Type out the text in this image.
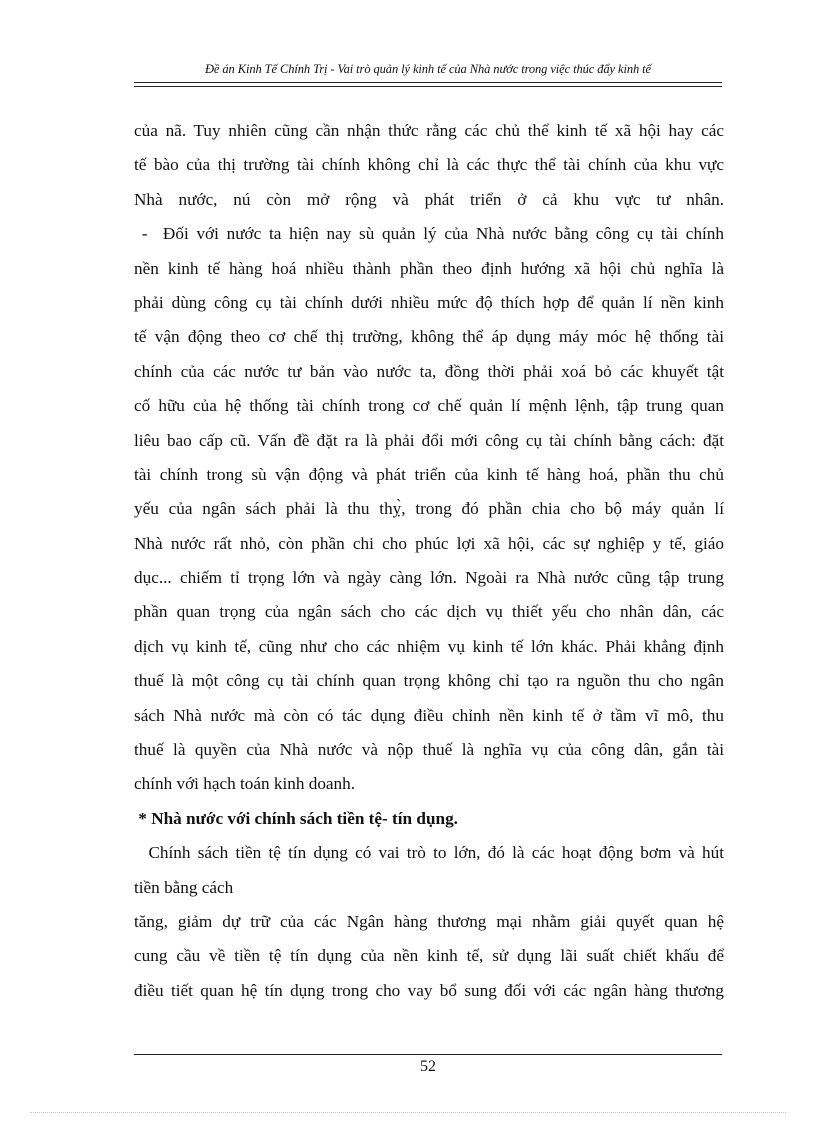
Đề án Kinh Tế Chính Trị - Vai trò quản lý kinh tế của Nhà nước trong việc thúc đẩy kinh tế
của nã. Tuy nhiên cũng cần nhận thức rằng các chủ thể kinh tế xã hội hay các
tế bào của thị trường tài chính không chỉ là các thực thể tài chính của khu vực
Nhà nước, nú còn mở rộng và phát triển ở cả khu vực tư nhân.
-  Đối với nước ta hiện nay sù quản lý của Nhà nước bằng công cụ tài chính
nền kinh tế hàng hoá nhiều thành phần theo định hướng xã hội chủ nghĩa là
phải dùng công cụ tài chính dưới nhiều mức độ thích hợp để quản lí nền kinh
tế vận động theo cơ chế thị trường, không thể áp dụng máy móc hệ thống tài
chính của các nước tư bản vào nước ta, đồng thời phải xoá bỏ các khuyết tật
cố hữu của hệ thống tài chính trong cơ chế quản lí mệnh lệnh, tập trung quan
liêu bao cấp cũ. Vấn đề đặt ra là phải đổi mới công cụ tài chính bằng cách: đặt
tài chính trong sù vận động và phát triển của kinh tế hàng hoá, phần thu chủ
yếu của ngân sách phải là thu thỵ̀, trong đó phần chia cho bộ máy quản lí
Nhà nước rất nhỏ, còn phần chi cho phúc lợi xã hội, các sự nghiệp y tế, giáo
dục... chiếm tỉ trọng lớn và ngày càng lớn. Ngoài ra Nhà nước cũng tập trung
phần quan trọng của ngân sách cho các dịch vụ thiết yếu cho nhân dân, các
dịch vụ kinh tế, cũng như cho các nhiệm vụ kinh tế lớn khác. Phải khẳng định
thuế là một công cụ tài chính quan trọng không chỉ tạo ra nguồn thu cho ngân
sách Nhà nước mà còn có tác dụng điều chỉnh nền kinh tế ở tầm vĩ mô, thu
thuế là quyền của Nhà nước và nộp thuế là nghĩa vụ của công dân, gắn tài
chính với hạch toán kinh doanh.
* Nhà nước với chính sách tiền tệ- tín dụng.
Chính sách tiền tệ tín dụng có vai trò to lớn, đó là các hoạt động bơm và hút
tiền bằng cách
tăng, giảm dự trữ của các Ngân hàng thương mại nhằm giải quyết quan hệ
cung cầu về tiền tệ tín dụng của nền kinh tế, sử dụng lãi suất chiết khấu để
điều tiết quan hệ tín dụng trong cho vay bổ sung đối với các ngân hàng thương
52
